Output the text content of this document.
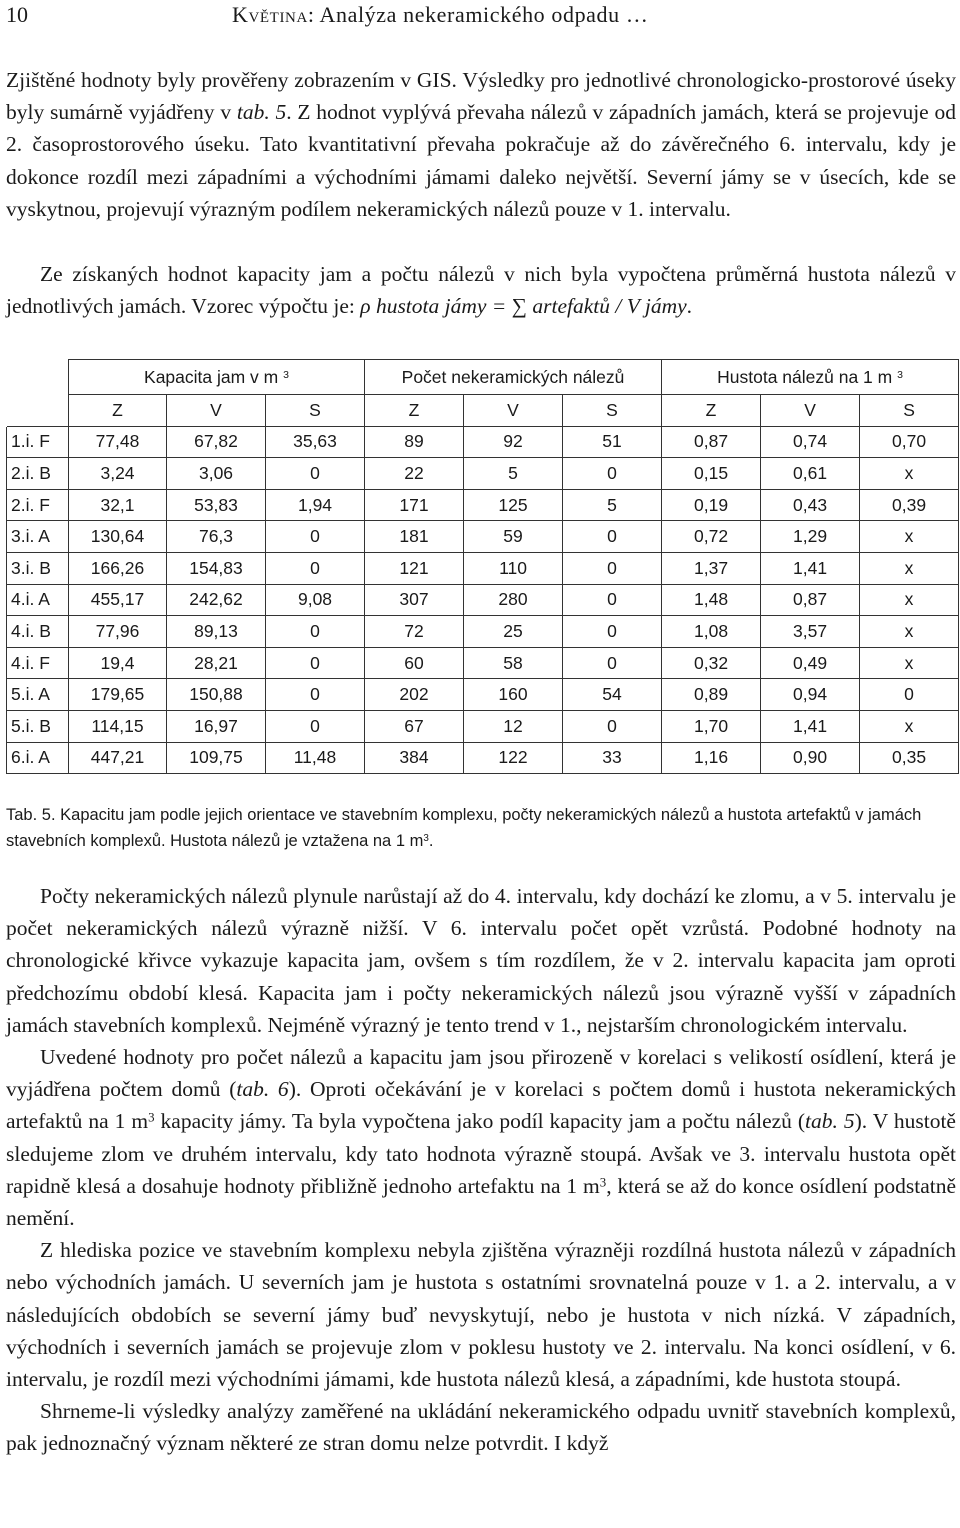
10	Květina: Analýza nekeramického odpadu …

Zjištěné hodnoty byly prověřeny zobrazením v GIS. Výsledky pro jednotlivé chronologicko-prostorové úseky byly sumárně vyjádřeny v tab. 5. Z hodnot vyplývá převaha nálezů v západních jamách, která se projevuje od 2. časoprostorového úseku. Tato kvantitativní převaha pokračuje až do závěrečného 6. intervalu, kdy je dokonce rozdíl mezi západními a východními jámami daleko největší. Severní jámy se v úsecích, kde se vyskytnou, projevují výrazným podílem nekeramických nálezů pouze v 1. intervalu.

Ze získaných hodnot kapacity jam a počtu nálezů v nich byla vypočtena průměrná hustota nálezů v jednotlivých jamách. Vzorec výpočtu je: ρ hustota jámy = ∑ artefaktů / V jámy.

	Kapacita jam v m $^3$			Počet nekeramických nálezů			Hustota nálezů na 1 m $^3$
	Z	V	S	Z	V	S	Z	V	S
1.i. F	77,48	67,82	35,63	89	92	51	0,87	0,74	0,70
2.i. B	3,24	3,06	0	22	5	0	0,15	0,61	x
2.i. F	32,1	53,83	1,94	171	125	5	0,19	0,43	0,39
3.i. A	130,64	76,3	0	181	59	0	0,72	1,29	x
3.i. B	166,26	154,83	0	121	110	0	1,37	1,41	x
4.i. A	455,17	242,62	9,08	307	280	0	1,48	0,87	x
4.i. B	77,96	89,13	0	72	25	0	1,08	3,57	x
4.i. F	19,4	28,21	0	60	58	0	0,32	0,49	x
5.i. A	179,65	150,88	0	202	160	54	0,89	0,94	0
5.i. B	114,15	16,97	0	67	12	0	1,70	1,41	x
6.i. A	447,21	109,75	11,48	384	122	33	1,16	0,90	0,35

Tab. 5. Kapacitu jam podle jejich orientace ve stavebním komplexu, počty nekeramických nálezů a hustota artefaktů v jamách stavebních komplexů. Hustota nálezů je vztažena na 1 $m^3$.

Počty nekeramických nálezů plynule narůstají až do 4. intervalu, kdy dochází ke zlomu, a v 5. intervalu je počet nekeramických nálezů výrazně nižší. V 6. intervalu počet opět vzrůstá. Podobné hodnoty na chronologické křivce vykazuje kapacita jam, ovšem s tím rozdílem, že v 2. intervalu kapacita jam oproti předchozímu období klesá. Kapacita jam i počty nekeramických nálezů jsou výrazně vyšší v západních jamách stavebních komplexů. Nejméně výrazný je tento trend v 1., nejstarším chronologickém intervalu.

Uvedené hodnoty pro počet nálezů a kapacitu jam jsou přirozeně v korelaci s velikostí osídlení, která je vyjádřena počtem domů (tab. 6). Oproti očekávání je v korelaci s počtem domů i hustota nekeramických artefaktů na 1 $m^3$ kapacity jámy. Ta byla vypočtena jako podíl kapacity jam a počtu nálezů (tab. 5). V hustotě sledujeme zlom ve druhém intervalu, kdy tato hodnota výrazně stoupá. Avšak ve 3. intervalu hustota opět rapidně klesá a dosahuje hodnoty přibližně jednoho artefaktu na 1 $m^3$, která se až do konce osídlení podstatně nemění.

Z hlediska pozice ve stavebním komplexu nebyla zjištěna výrazněji rozdílná hustota nálezů v západních nebo východních jamách. U severních jam je hustota s ostatními srovnatelná pouze v 1. a 2. intervalu, a v následujících obdobích se severní jámy buď nevyskytují, nebo je hustota v nich nízká. V západních, východních i severních jamách se projevuje zlom v poklesu hustoty ve 2. intervalu. Na konci osídlení, v 6. intervalu, je rozdíl mezi východními jámami, kde hustota nálezů klesá, a západními, kde hustota stoupá.

Shrneme-li výsledky analýzy zaměřené na ukládání nekeramického odpadu uvnitř stavebních komplexů, pak jednoznačný význam některé ze stran domu nelze potvrdit. I když
